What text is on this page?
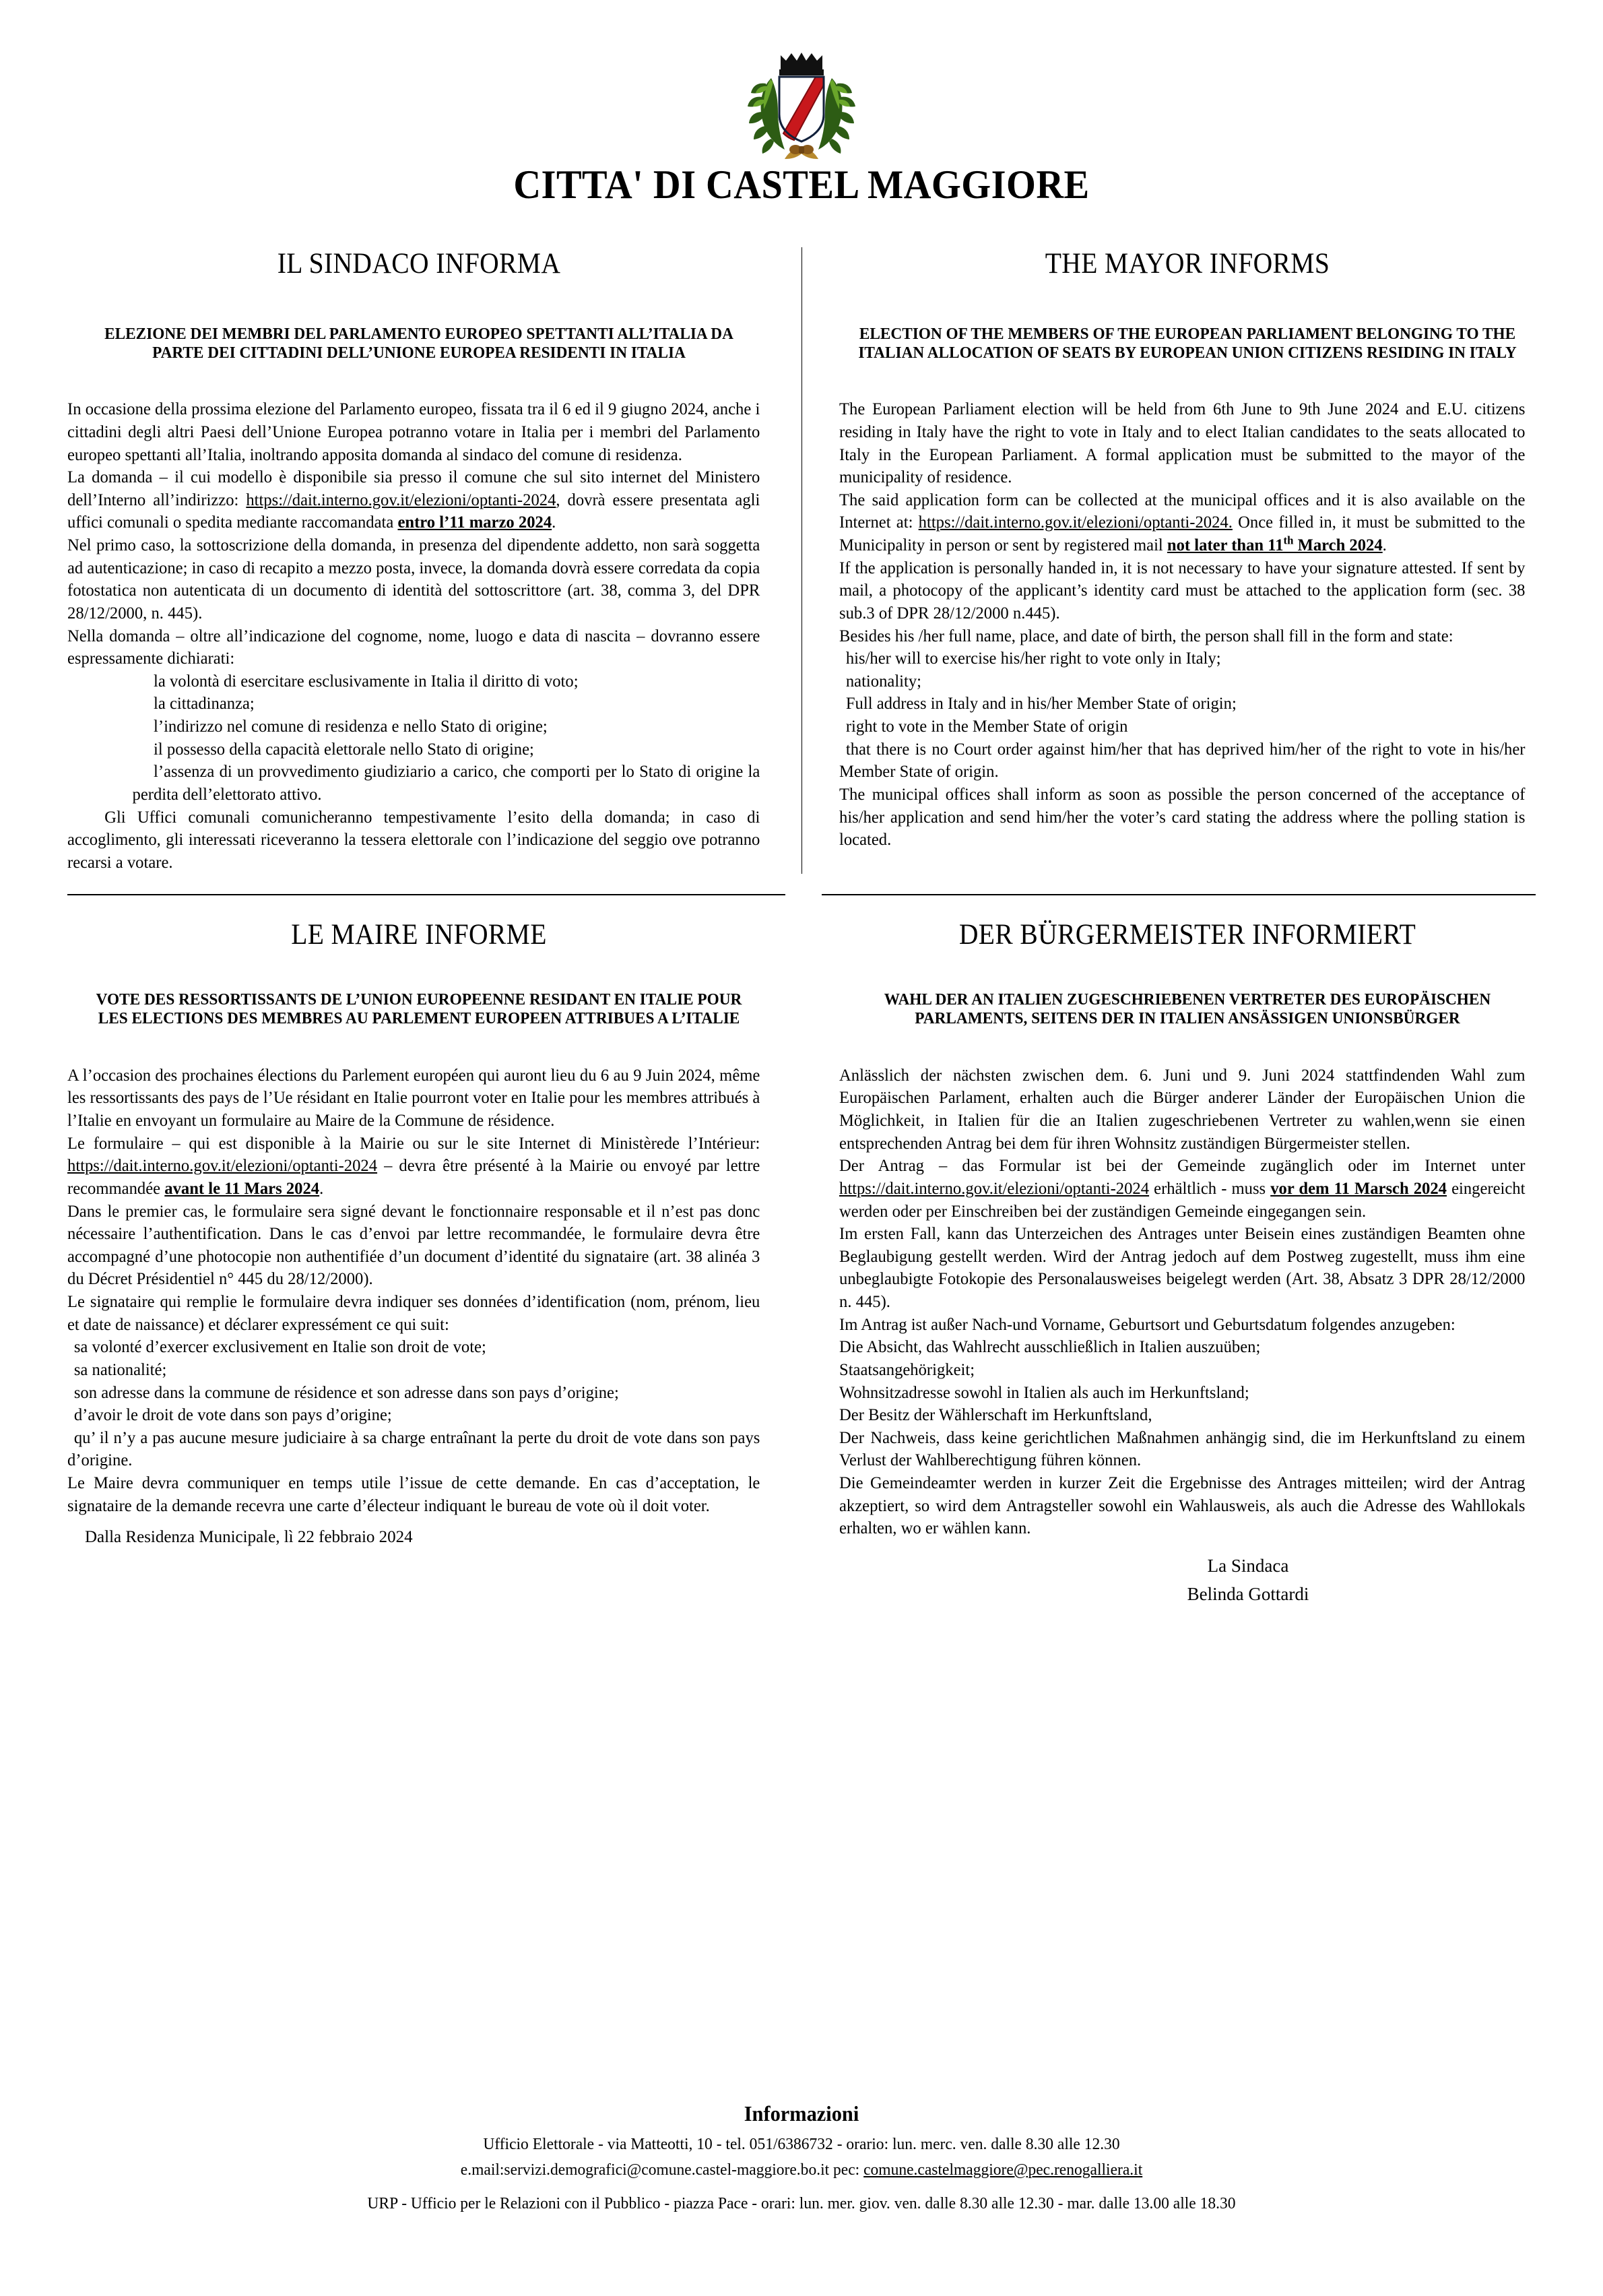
CITTA' DI CASTEL MAGGIORE
IL SINDACO INFORMA
ELEZIONE DEI MEMBRI DEL PARLAMENTO EUROPEO SPETTANTI ALL’ITALIA DA PARTE DEI CITTADINI DELL’UNIONE EUROPEA RESIDENTI IN ITALIA

In occasione della prossima elezione del Parlamento europeo, fissata tra il 6 ed il 9 giugno 2024, anche i cittadini degli altri Paesi dell’Unione Europea potranno votare in Italia per i membri del Parlamento europeo spettanti all’Italia, inoltrando apposita domanda al sindaco del comune di residenza.

La domanda – il cui modello è disponibile sia presso il comune che sul sito internet del Ministero dell’Interno all’indirizzo: https://dait.interno.gov.it/elezioni/optanti-2024, dovrà essere presentata agli uffici comunali o spedita mediante raccomandata entro l’11 marzo 2024.

Nel primo caso, la sottoscrizione della domanda, in presenza del dipendente addetto, non sarà soggetta ad autenticazione; in caso di recapito a mezzo posta, invece, la domanda dovrà essere corredata da copia fotostatica non autenticata di un documento di identità del sottoscrittore (art. 38, comma 3, del DPR 28/12/2000, n. 445).

Nella domanda – oltre all’indicazione del cognome, nome, luogo e data di nascita – dovranno essere espressamente dichiarati:

la volontà di esercitare esclusivamente in Italia il diritto di voto;

la cittadinanza;

l’indirizzo nel comune di residenza e nello Stato di origine;

il possesso della capacità elettorale nello Stato di origine;

l’assenza di un provvedimento giudiziario a carico, che comporti per lo Stato di origine la perdita dell’elettorato attivo.

Gli Uffici comunali comunicheranno tempestivamente l’esito della domanda; in caso di accoglimento, gli interessati riceveranno la tessera elettorale con l’indicazione del seggio ove potranno recarsi a votare.

THE MAYOR INFORMS
ELECTION OF THE MEMBERS OF THE EUROPEAN PARLIAMENT BELONGING TO THE ITALIAN ALLOCATION OF SEATS BY EUROPEAN UNION CITIZENS RESIDING IN ITALY

The European Parliament election will be held from 6th June to 9th June 2024 and E.U. citizens residing in Italy have the right to vote in Italy and to elect Italian candidates to the seats allocated to Italy in the European Parliament. A formal application must be submitted to the mayor of the municipality of residence.

The said application form can be collected at the municipal offices and it is also available on the Internet at: https://dait.interno.gov.it/elezioni/optanti-2024. Once filled in, it must be submitted to the Municipality in person or sent by registered mail not later than 11th March 2024.

If the application is personally handed in, it is not necessary to have your signature attested. If sent by mail, a photocopy of the applicant’s identity card must be attached to the application form (sec. 38 sub.3 of DPR 28/12/2000 n.445).

Besides his /her full name, place, and date of birth, the person shall fill in the form and state:

his/her will to exercise his/her right to vote only in Italy;

nationality;

Full address in Italy and in his/her Member State of origin;

right to vote in the Member State of origin

that there is no Court order against him/her that has deprived him/her of the right to vote in his/her Member State of origin.

The municipal offices shall inform as soon as possible the person concerned of the acceptance of his/her application and send him/her the voter’s card stating the address where the polling station is located.

LE MAIRE INFORME
VOTE DES RESSORTISSANTS DE L’UNION EUROPEENNE RESIDANT EN ITALIE POUR LES ELECTIONS DES MEMBRES AU PARLEMENT EUROPEEN ATTRIBUES A L’ITALIE

A l’occasion des prochaines élections du Parlement européen qui auront lieu du 6 au 9 Juin 2024, même les ressortissants des pays de l’Ue résidant en Italie pourront voter en Italie pour les membres attribués à l’Italie en envoyant un formulaire au Maire de la Commune de résidence.

Le formulaire – qui est disponible à la Mairie ou sur le site Internet di Ministèrede l’Intérieur: https://dait.interno.gov.it/elezioni/optanti-2024 – devra être présenté à la Mairie ou envoyé par lettre recommandée avant le 11 Mars 2024.

Dans le premier cas, le formulaire sera signé devant le fonctionnaire responsable et il n’est pas donc nécessaire l’authentification. Dans le cas d’envoi par lettre recommandée, le formulaire devra être accompagné d’une photocopie non authentifiée d’un document d’identité du signataire (art. 38 alinéa 3 du Décret Présidentiel n° 445 du 28/12/2000).

Le signataire qui remplie le formulaire devra indiquer ses données d’identification (nom, prénom, lieu et date de naissance) et déclarer expressément ce qui suit:

sa volonté d’exercer exclusivement en Italie son droit de vote;

sa nationalité;

son adresse dans la commune de résidence et son adresse dans son pays d’origine;

d’avoir le droit de vote dans son pays d’origine;

qu’ il n’y a pas aucune mesure judiciaire à sa charge entraînant la perte du droit de vote dans son pays d’origine.

Le Maire devra communiquer en temps utile l’issue de cette demande. En cas d’acceptation, le signataire de la demande recevra une carte d’électeur indiquant le bureau de vote où il doit voter.

Dalla Residenza Municipale, lì 22 febbraio 2024
DER BÜRGERMEISTER INFORMIERT
WAHL DER AN ITALIEN ZUGESCHRIEBENEN VERTRETER DES EUROPÄISCHEN PARLAMENTS, SEITENS DER IN ITALIEN ANSÄSSIGEN UNIONSBÜRGER

Anlässlich der nächsten zwischen dem. 6. Juni und 9. Juni 2024 stattfindenden Wahl zum Europäischen Parlament, erhalten auch die Bürger anderer Länder der Europäischen Union die Möglichkeit, in Italien für die an Italien zugeschriebenen Vertreter zu wahlen,wenn sie einen entsprechenden Antrag bei dem für ihren Wohnsitz zuständigen Bürgermeister stellen.

Der Antrag – das Formular ist bei der Gemeinde zugänglich oder im Internet unter https://dait.interno.gov.it/elezioni/optanti-2024 erhältlich - muss vor dem 11 Marsch 2024 eingereicht werden oder per Einschreiben bei der zuständigen Gemeinde eingegangen sein.

Im ersten Fall, kann das Unterzeichen des Antrages unter Beisein eines zuständigen Beamten ohne Beglaubigung gestellt werden. Wird der Antrag jedoch auf dem Postweg zugestellt, muss ihm eine unbeglaubigte Fotokopie des Personalausweises beigelegt werden (Art. 38, Absatz 3 DPR 28/12/2000 n. 445).

Im Antrag ist außer Nach-und Vorname, Geburtsort und Geburtsdatum folgendes anzugeben:

Die Absicht, das Wahlrecht ausschließlich in Italien auszuüben;

Staatsangehörigkeit;

Wohnsitzadresse sowohl in Italien als auch im Herkunftsland;

Der Besitz der Wählerschaft im Herkunftsland,

Der Nachweis, dass keine gerichtlichen Maßnahmen anhängig sind, die im Herkunftsland zu einem Verlust der Wahlberechtigung führen können.

Die Gemeindeamter werden in kurzer Zeit die Ergebnisse des Antrages mitteilen; wird der Antrag akzeptiert, so wird dem Antragsteller sowohl ein Wahlausweis, als auch die Adresse des Wahllokals erhalten, wo er wählen kann.

La Sindaca
Belinda Gottardi
Informazioni
Ufficio Elettorale - via Matteotti, 10 - tel. 051/6386732 - orario: lun. merc. ven. dalle 8.30 alle 12.30
e.mail:servizi.demografici@comune.castel-maggiore.bo.it pec: comune.castelmaggiore@pec.renogalliera.it
URP - Ufficio per le Relazioni con il Pubblico - piazza Pace - orari: lun. mer. giov. ven. dalle 8.30 alle 12.30 - mar. dalle 13.00 alle 18.30
